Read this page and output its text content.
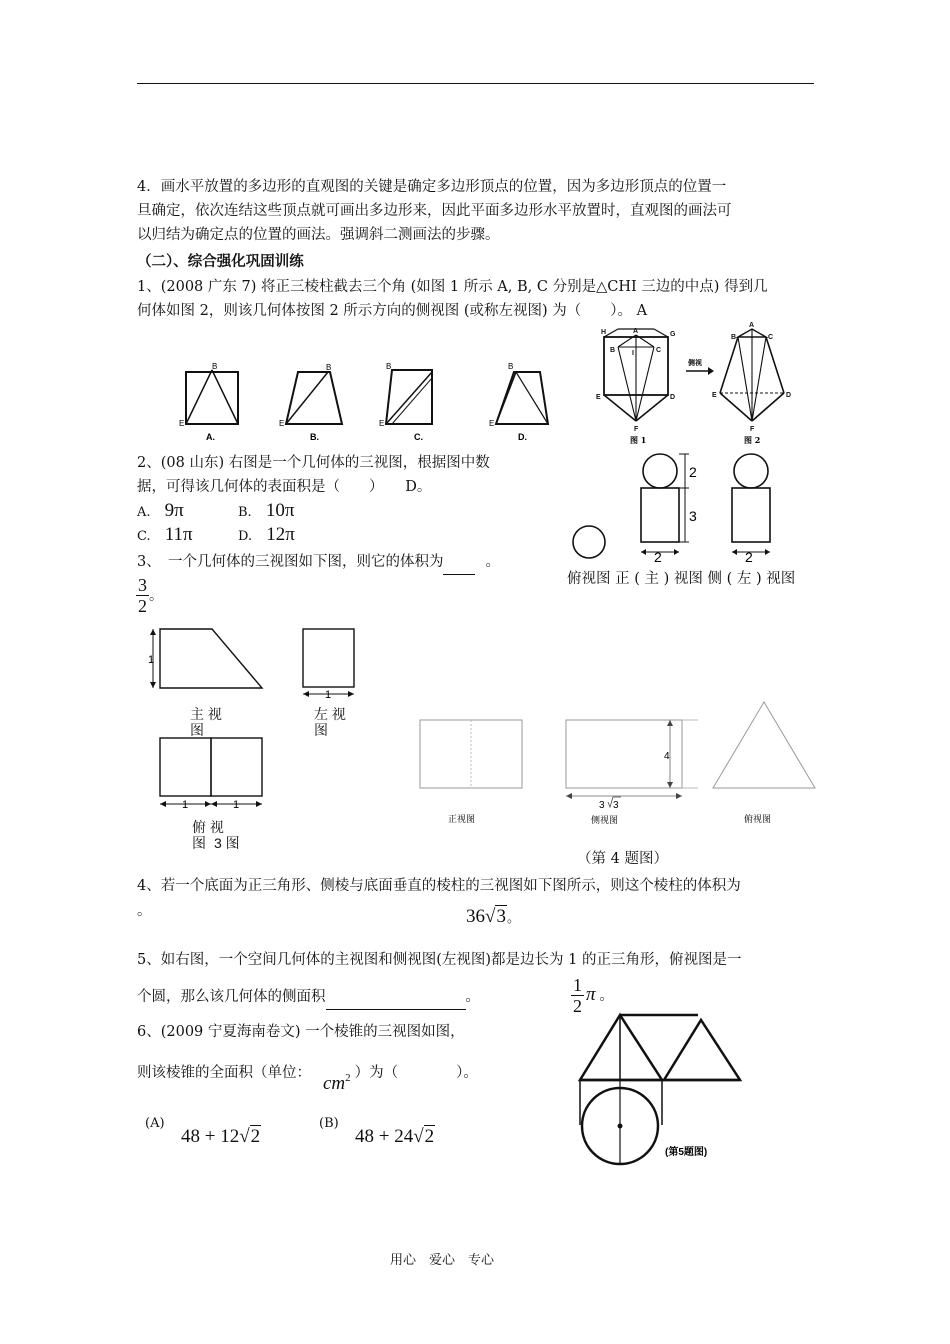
4．画水平放置的多边形的直观图的关键是确定多边形顶点的位置，因为多边形顶点的位置一
旦确定，依次连结这些顶点就可画出多边形来，因此平面多边形水平放置时，直观图的画法可
以归结为确定点的位置的画法。强调斜二测画法的步骤。
（二）、综合强化巩固训练
1、(2008 广东 7) 将正三棱柱截去三个角 (如图 1 所示 A, B, C 分别是△CHI 三边的中点) 得到几
何体如图 2，则该几何体按图 2 所示方向的侧视图 (或称左视图) 为（　　）。 A
B
E
B
E
B
E
B
E
A.	B.	C.	D.
H	A	G
B	C
I
E	D
F
侧视
A
B	C
E	D
F
图 1	图 2
2、(08 山东) 右图是一个几何体的三视图，根据图中数
据，可得该几何体的表面积是（　　）　　D。
A. 9π	B. 10π
C. 11π	D. 12π
2
3
2	2
俯视图 正 ( 主 ) 视图 侧 ( 左 ) 视图
3、　一个几何体的三视图如下图，则它的体积为	。
$\frac{3}{2}$ 。
1
1
1	1
主 视
图
左 视
图
俯 视
图 3 图
4
3 3
正视图	侧视图	俯视图
（第 4 题图）
4、若一个底面为正三角形、侧棱与底面垂直的棱柱的三视图如下图所示，则这个棱柱的体积为
。	36√3。
5、如右图，一个空间几何体的主视图和侧视图(左视图)都是边长为 1 的正三角形，俯视图是一
个圆，那么该几何体的侧面积	。	$\frac{1}{2}$ π 。
6、(2009 宁夏海南卷文) 一个棱锥的三视图如图，
则该棱锥的全面积（单位： $cm^2$ ）为（　　　　）。
(A)
48 + 12√2
(B)
48 + 24√2
(第5题图)
用心　爱心　专心
